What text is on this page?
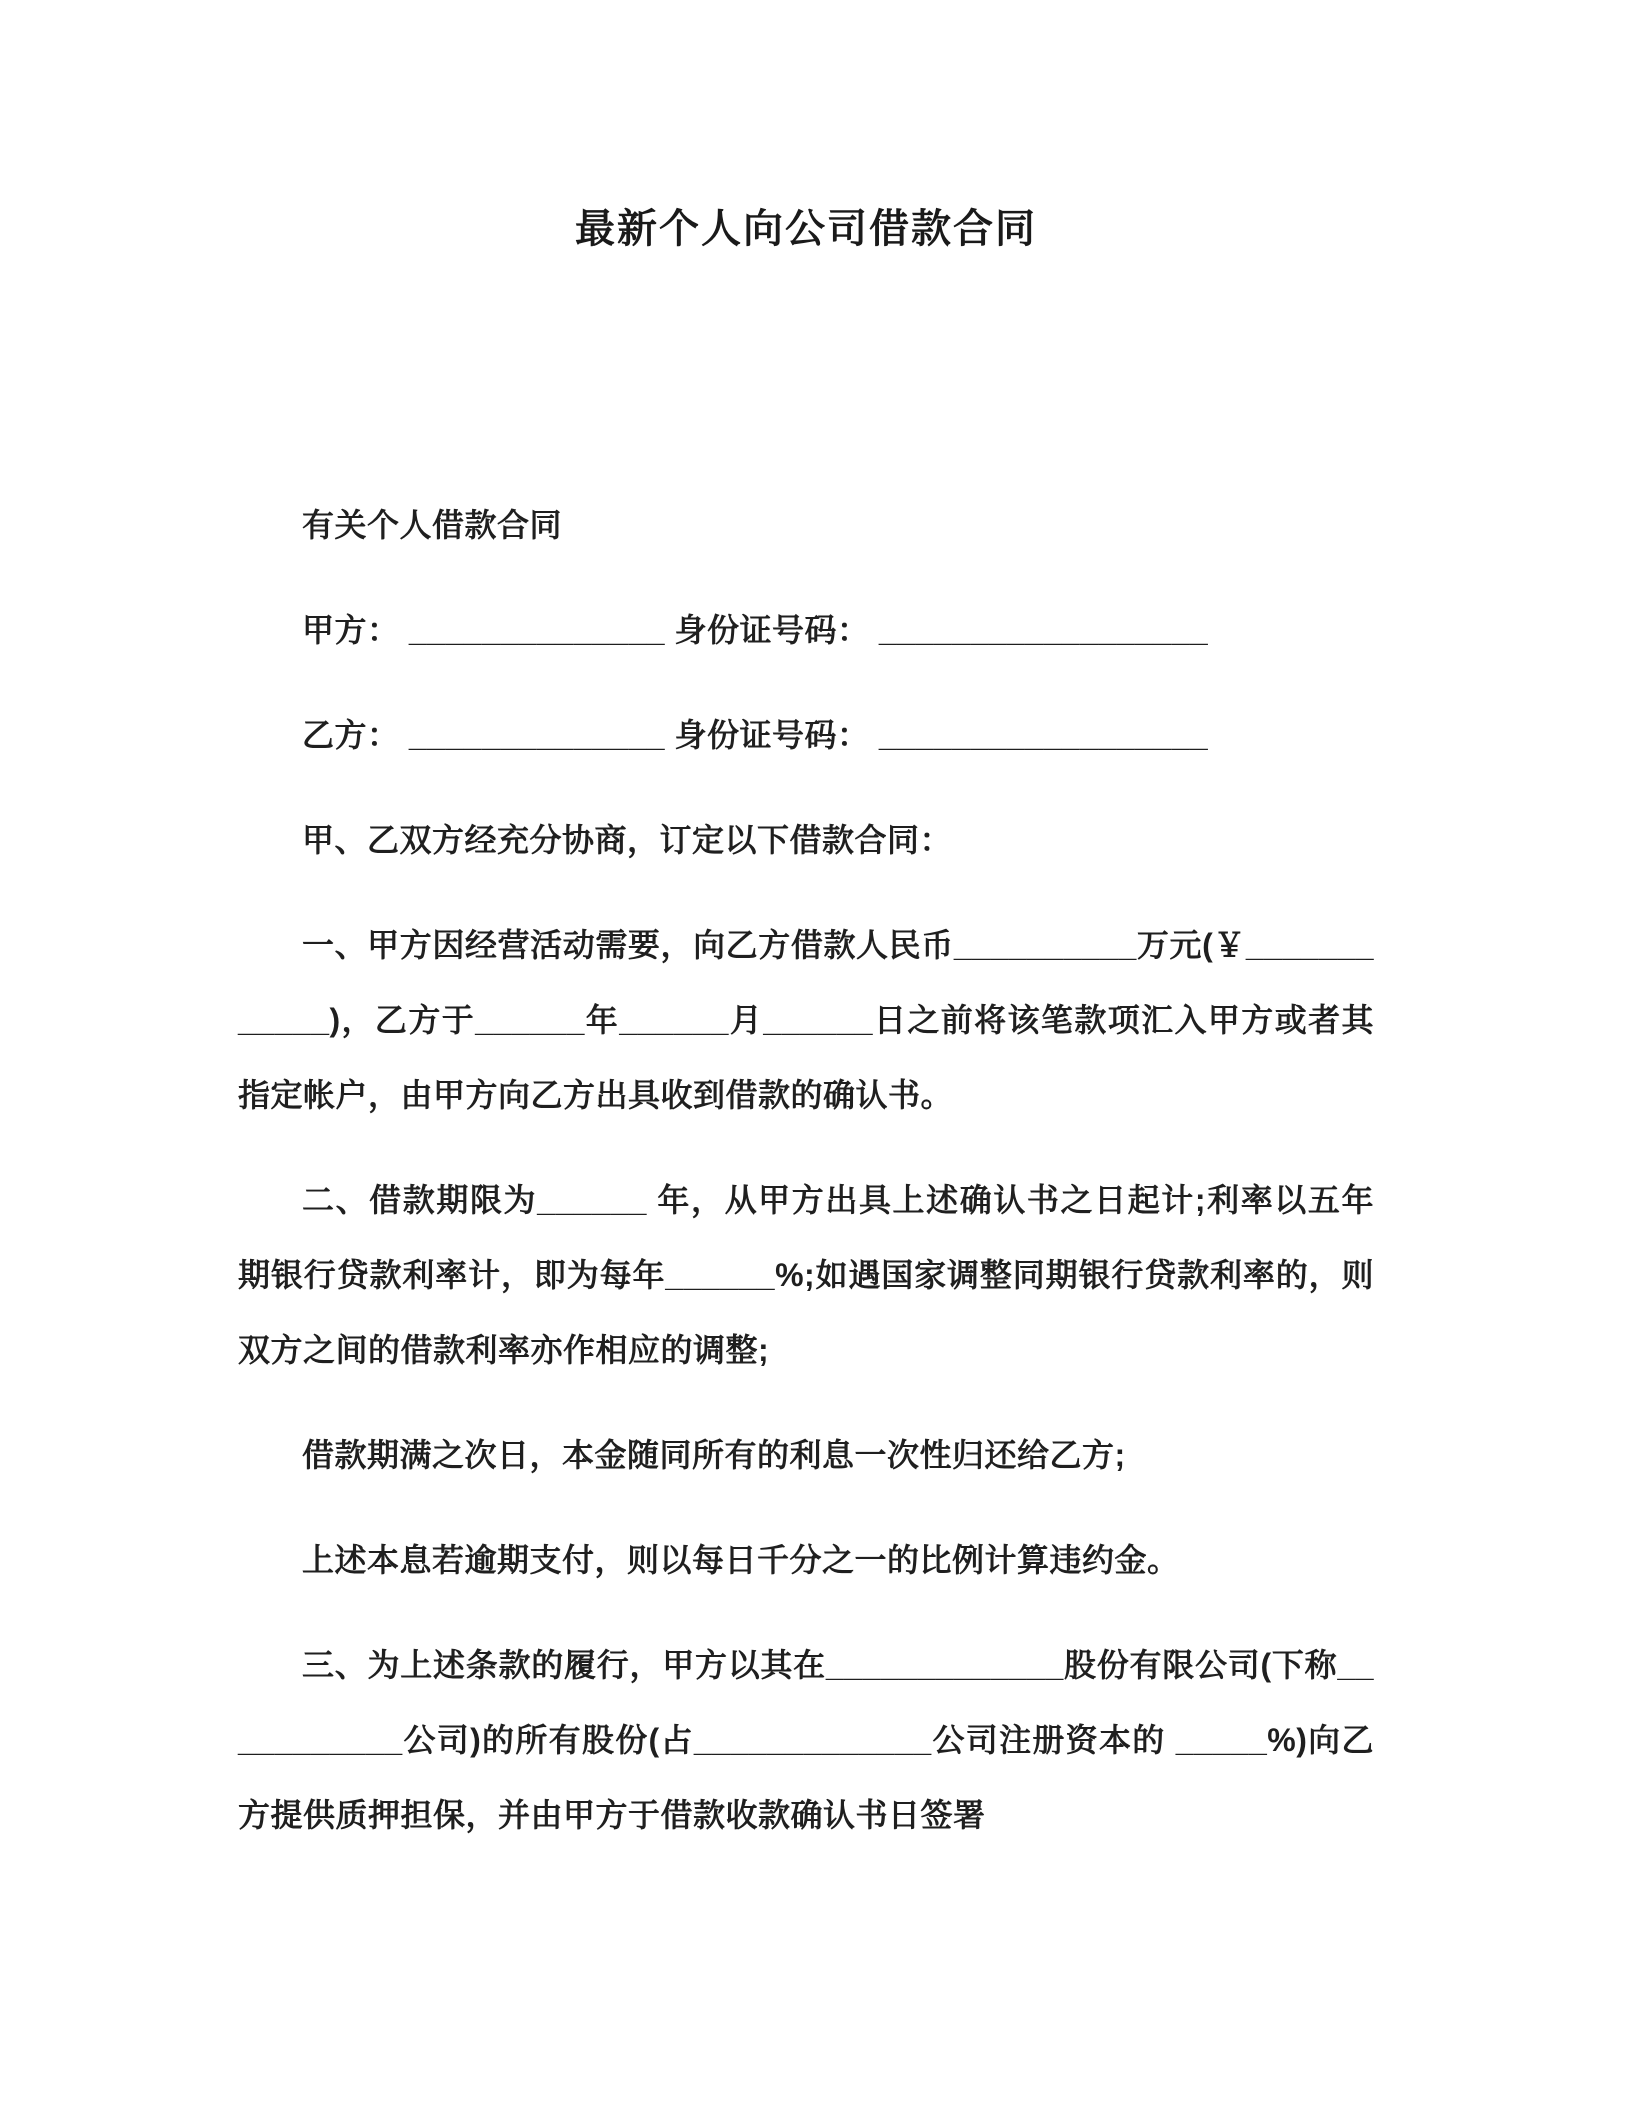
最新个人向公司借款合同

有关个人借款合同

甲方： ______________ 身份证号码： __________________

乙方： ______________ 身份证号码： __________________

甲、乙双方经充分协商，订定以下借款合同：

一、甲方因经营活动需要，向乙方借款人民币__________万元(￥____________)，乙方于______年______月______日之前将该笔款项汇入甲方或者其指定帐户，由甲方向乙方出具收到借款的确认书。

二、借款期限为______ 年，从甲方出具上述确认书之日起计;利率以五年期银行贷款利率计，即为每年______%;如遇国家调整同期银行贷款利率的，则双方之间的借款利率亦作相应的调整;

借款期满之次日，本金随同所有的利息一次性归还给乙方;

上述本息若逾期支付，则以每日千分之一的比例计算违约金。

三、为上述条款的履行，甲方以其在_____________股份有限公司(下称___________公司)的所有股份(占_____________公司注册资本的 _____%)向乙方提供质押担保，并由甲方于借款收款确认书日签署
